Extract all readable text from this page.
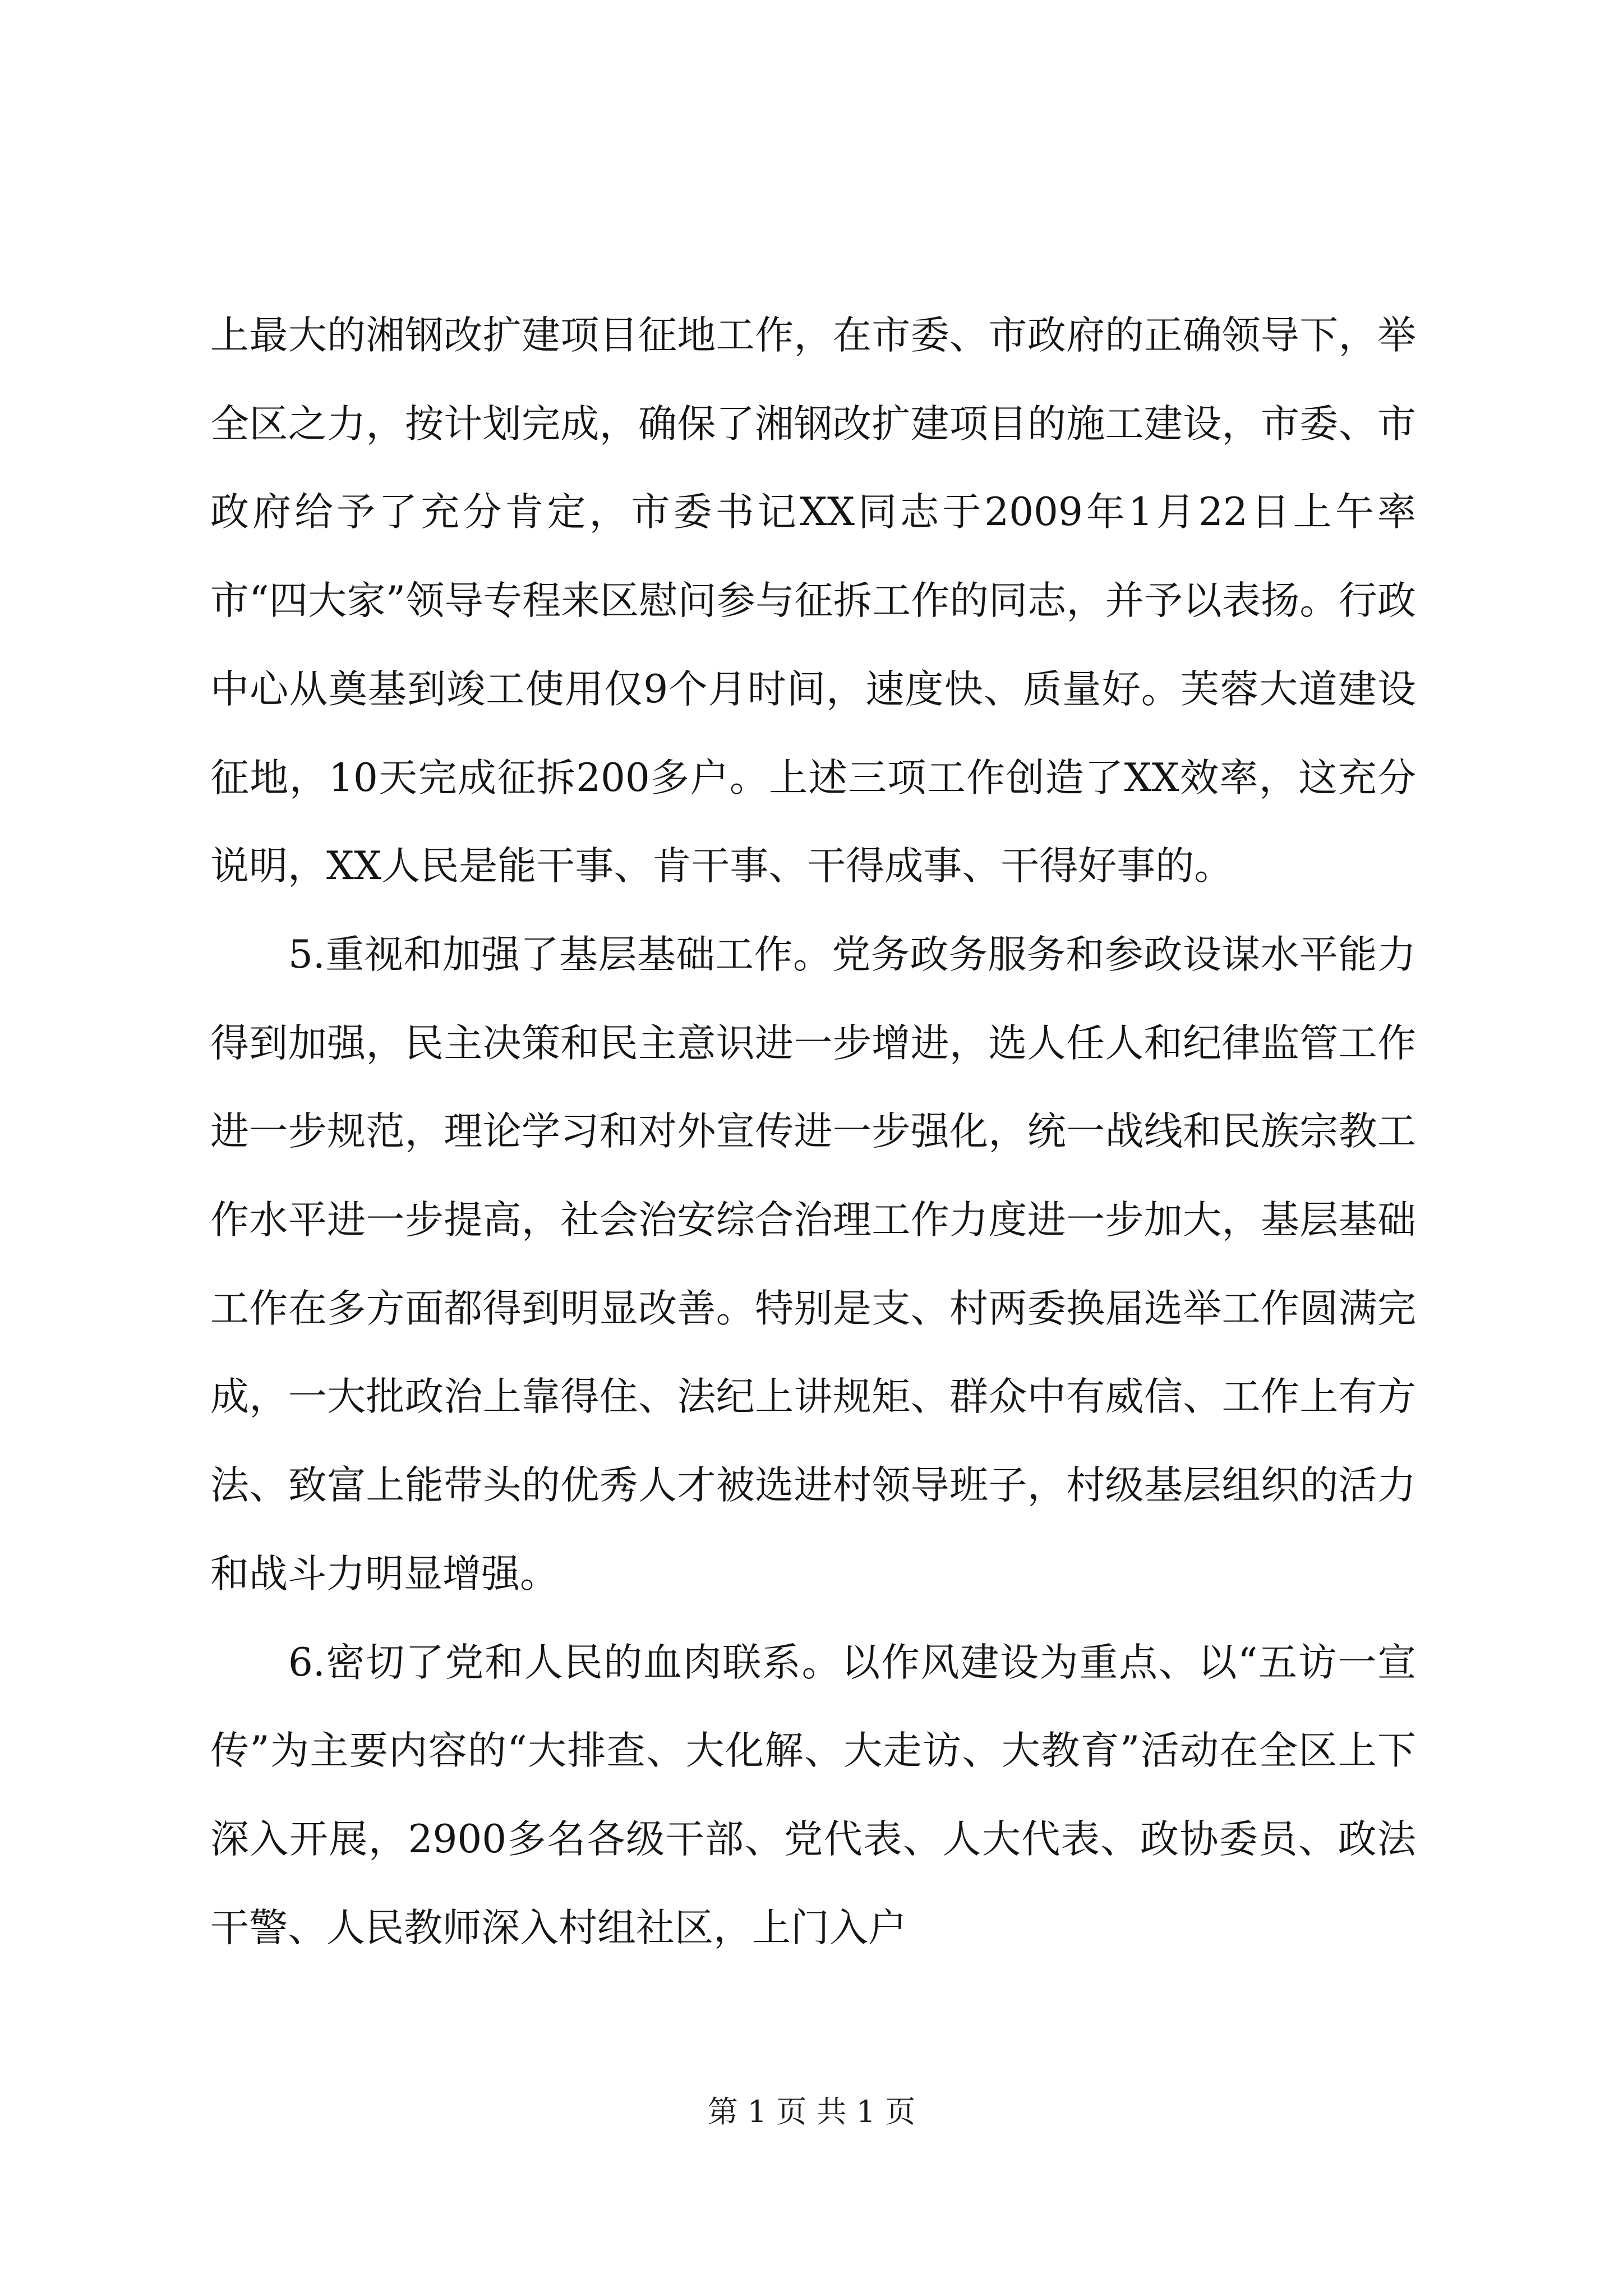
上最大的湘钢改扩建项目征地工作，在市委、市政府的正确领导下，举全区之力，按计划完成，确保了湘钢改扩建项目的施工建设，市委、市政府给予了充分肯定，市委书记XX同志于2009年1月22日上午率市“四大家”领导专程来区慰问参与征拆工作的同志，并予以表扬。行政中心从奠基到竣工使用仅9个月时间，速度快、质量好。芙蓉大道建设征地，10天完成征拆200多户。上述三项工作创造了XX效率，这充分说明，XX人民是能干事、肯干事、干得成事、干得好事的。

5.重视和加强了基层基础工作。党务政务服务和参政设谋水平能力得到加强，民主决策和民主意识进一步增进，选人任人和纪律监管工作进一步规范，理论学习和对外宣传进一步强化，统一战线和民族宗教工作水平进一步提高，社会治安综合治理工作力度进一步加大，基层基础工作在多方面都得到明显改善。特别是支、村两委换届选举工作圆满完成，一大批政治上靠得住、法纪上讲规矩、群众中有威信、工作上有方法、致富上能带头的优秀人才被选进村领导班子，村级基层组织的活力和战斗力明显增强。

6.密切了党和人民的血肉联系。以作风建设为重点、以“五访一宣传”为主要内容的“大排查、大化解、大走访、大教育”活动在全区上下深入开展，2900多名各级干部、党代表、人大代表、政协委员、政法干警、人民教师深入村组社区，上门入户

第 1 页 共 1 页
